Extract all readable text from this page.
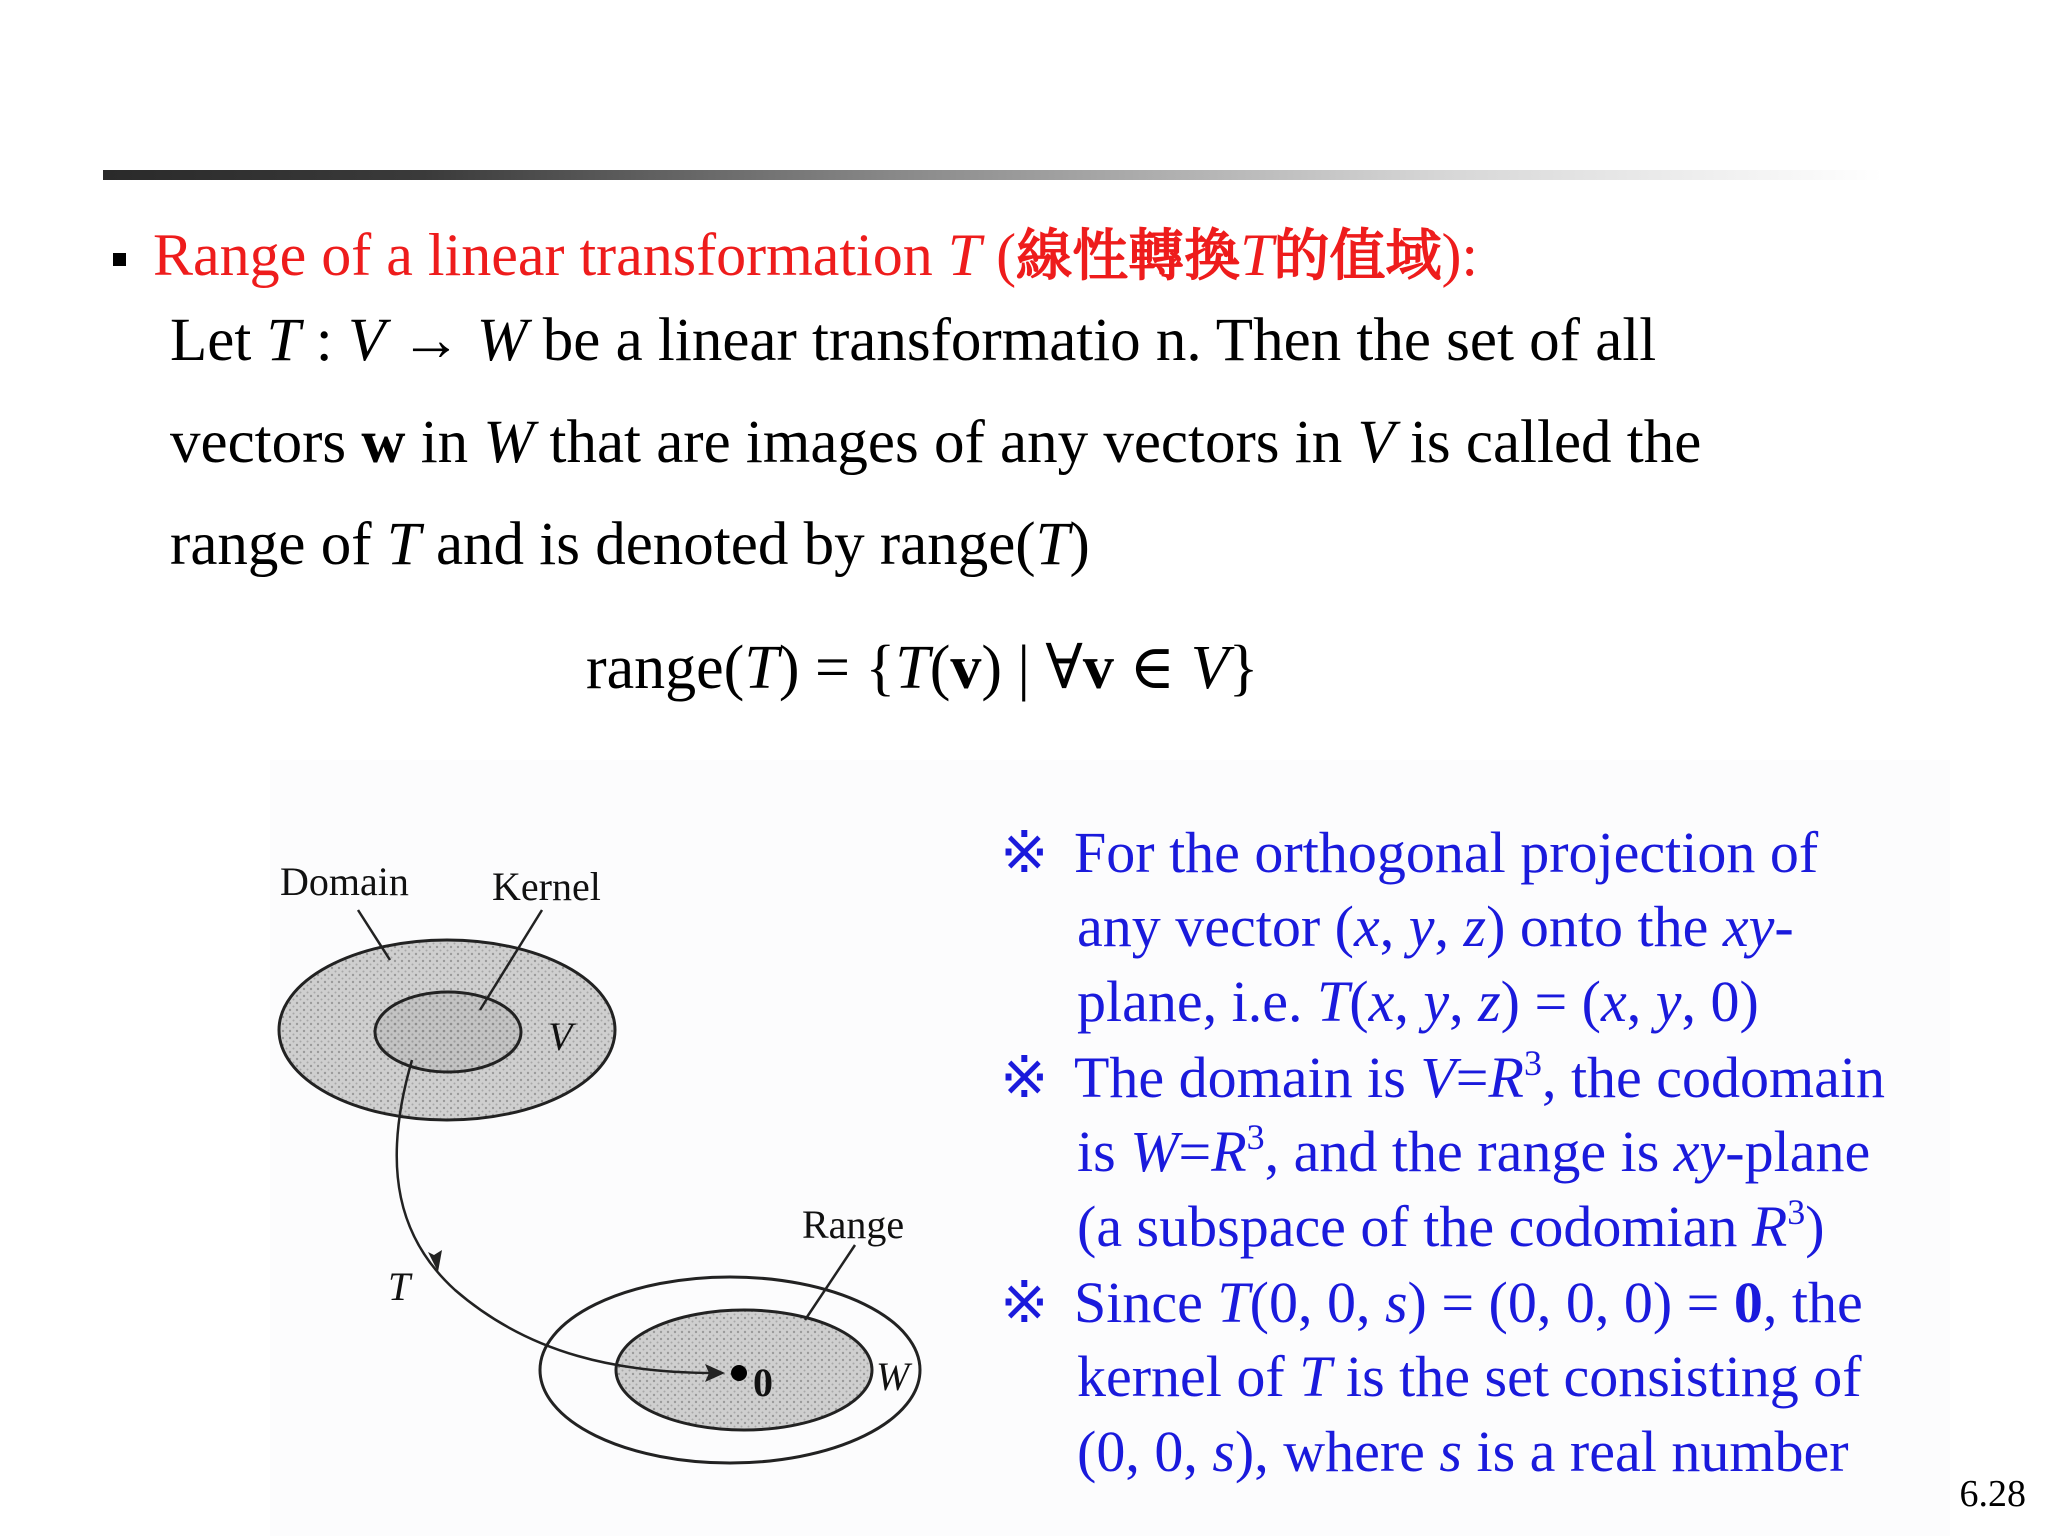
Range of a linear transformation T (線性轉換T的值域):
Let T : V → W be a linear transformatio n. Then the set of all
vectors w in W that are images of any vectors in V is called the
range of T and is denoted by range(T)
range(T) = {T(v) | ∀v ∈ V}
Domain Kernel
V
T
Range
0	W
※ For the orthogonal projection of
any vector (x, y, z) onto the xy-
plane, i.e. T(x, y, z) = (x, y, 0)
※ The domain is $V=R^3$, the codomain
is $W=R^3$, and the range is xy-plane
(a subspace of the codomian $R^3$)
※ Since T(0, 0, s) = (0, 0, 0) = 0, the
kernel of T is the set consisting of
(0, 0, s), where s is a real number
6.28
